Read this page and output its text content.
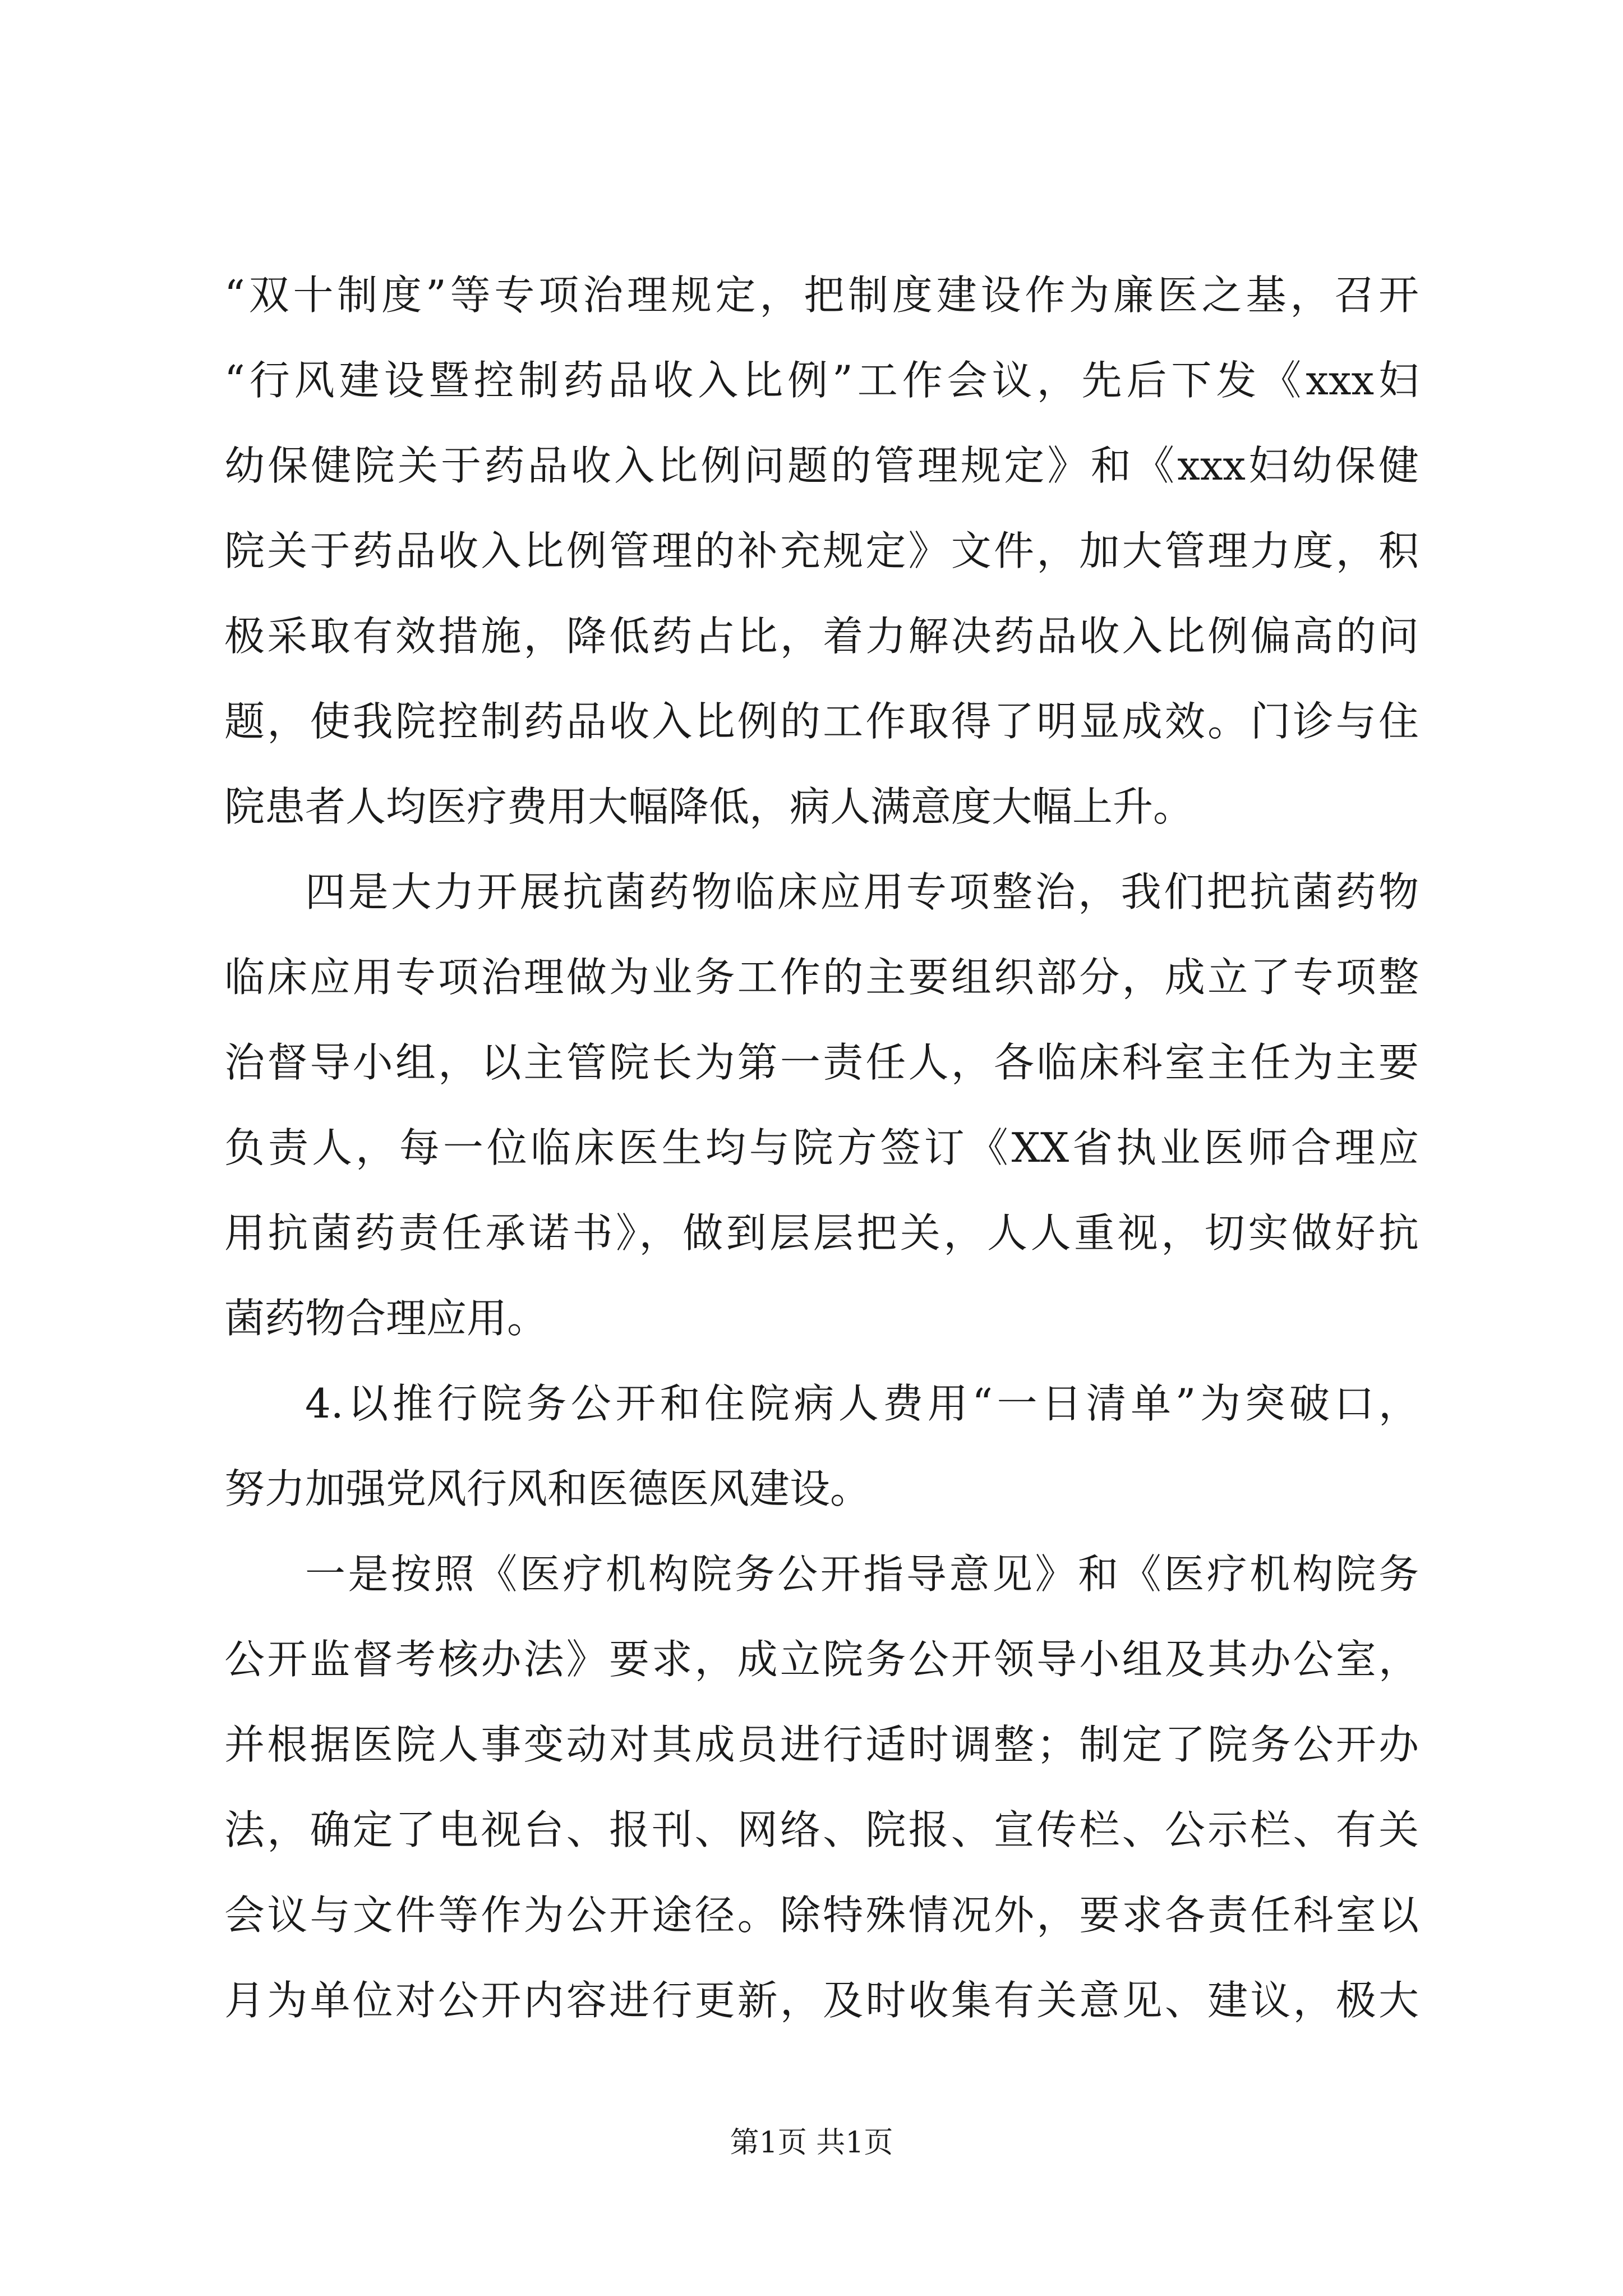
“双十制度”等专项治理规定，把制度建设作为廉医之基，召开
“行风建设暨控制药品收入比例”工作会议，先后下发《xxx妇
幼保健院关于药品收入比例问题的管理规定》和《xxx妇幼保健
院关于药品收入比例管理的补充规定》文件，加大管理力度，积
极采取有效措施，降低药占比，着力解决药品收入比例偏高的问
题，使我院控制药品收入比例的工作取得了明显成效。门诊与住
院患者人均医疗费用大幅降低，病人满意度大幅上升。
四是大力开展抗菌药物临床应用专项整治，我们把抗菌药物
临床应用专项治理做为业务工作的主要组织部分，成立了专项整
治督导小组，以主管院长为第一责任人，各临床科室主任为主要
负责人，每一位临床医生均与院方签订《XX省执业医师合理应
用抗菌药责任承诺书》，做到层层把关，人人重视，切实做好抗
菌药物合理应用。
4.以推行院务公开和住院病人费用“一日清单”为突破口，
努力加强党风行风和医德医风建设。
一是按照《医疗机构院务公开指导意见》和《医疗机构院务
公开监督考核办法》要求，成立院务公开领导小组及其办公室，
并根据医院人事变动对其成员进行适时调整；制定了院务公开办
法，确定了电视台、报刊、网络、院报、宣传栏、公示栏、有关
会议与文件等作为公开途径。除特殊情况外，要求各责任科室以
月为单位对公开内容进行更新，及时收集有关意见、建议，极大
第1页 共1页
